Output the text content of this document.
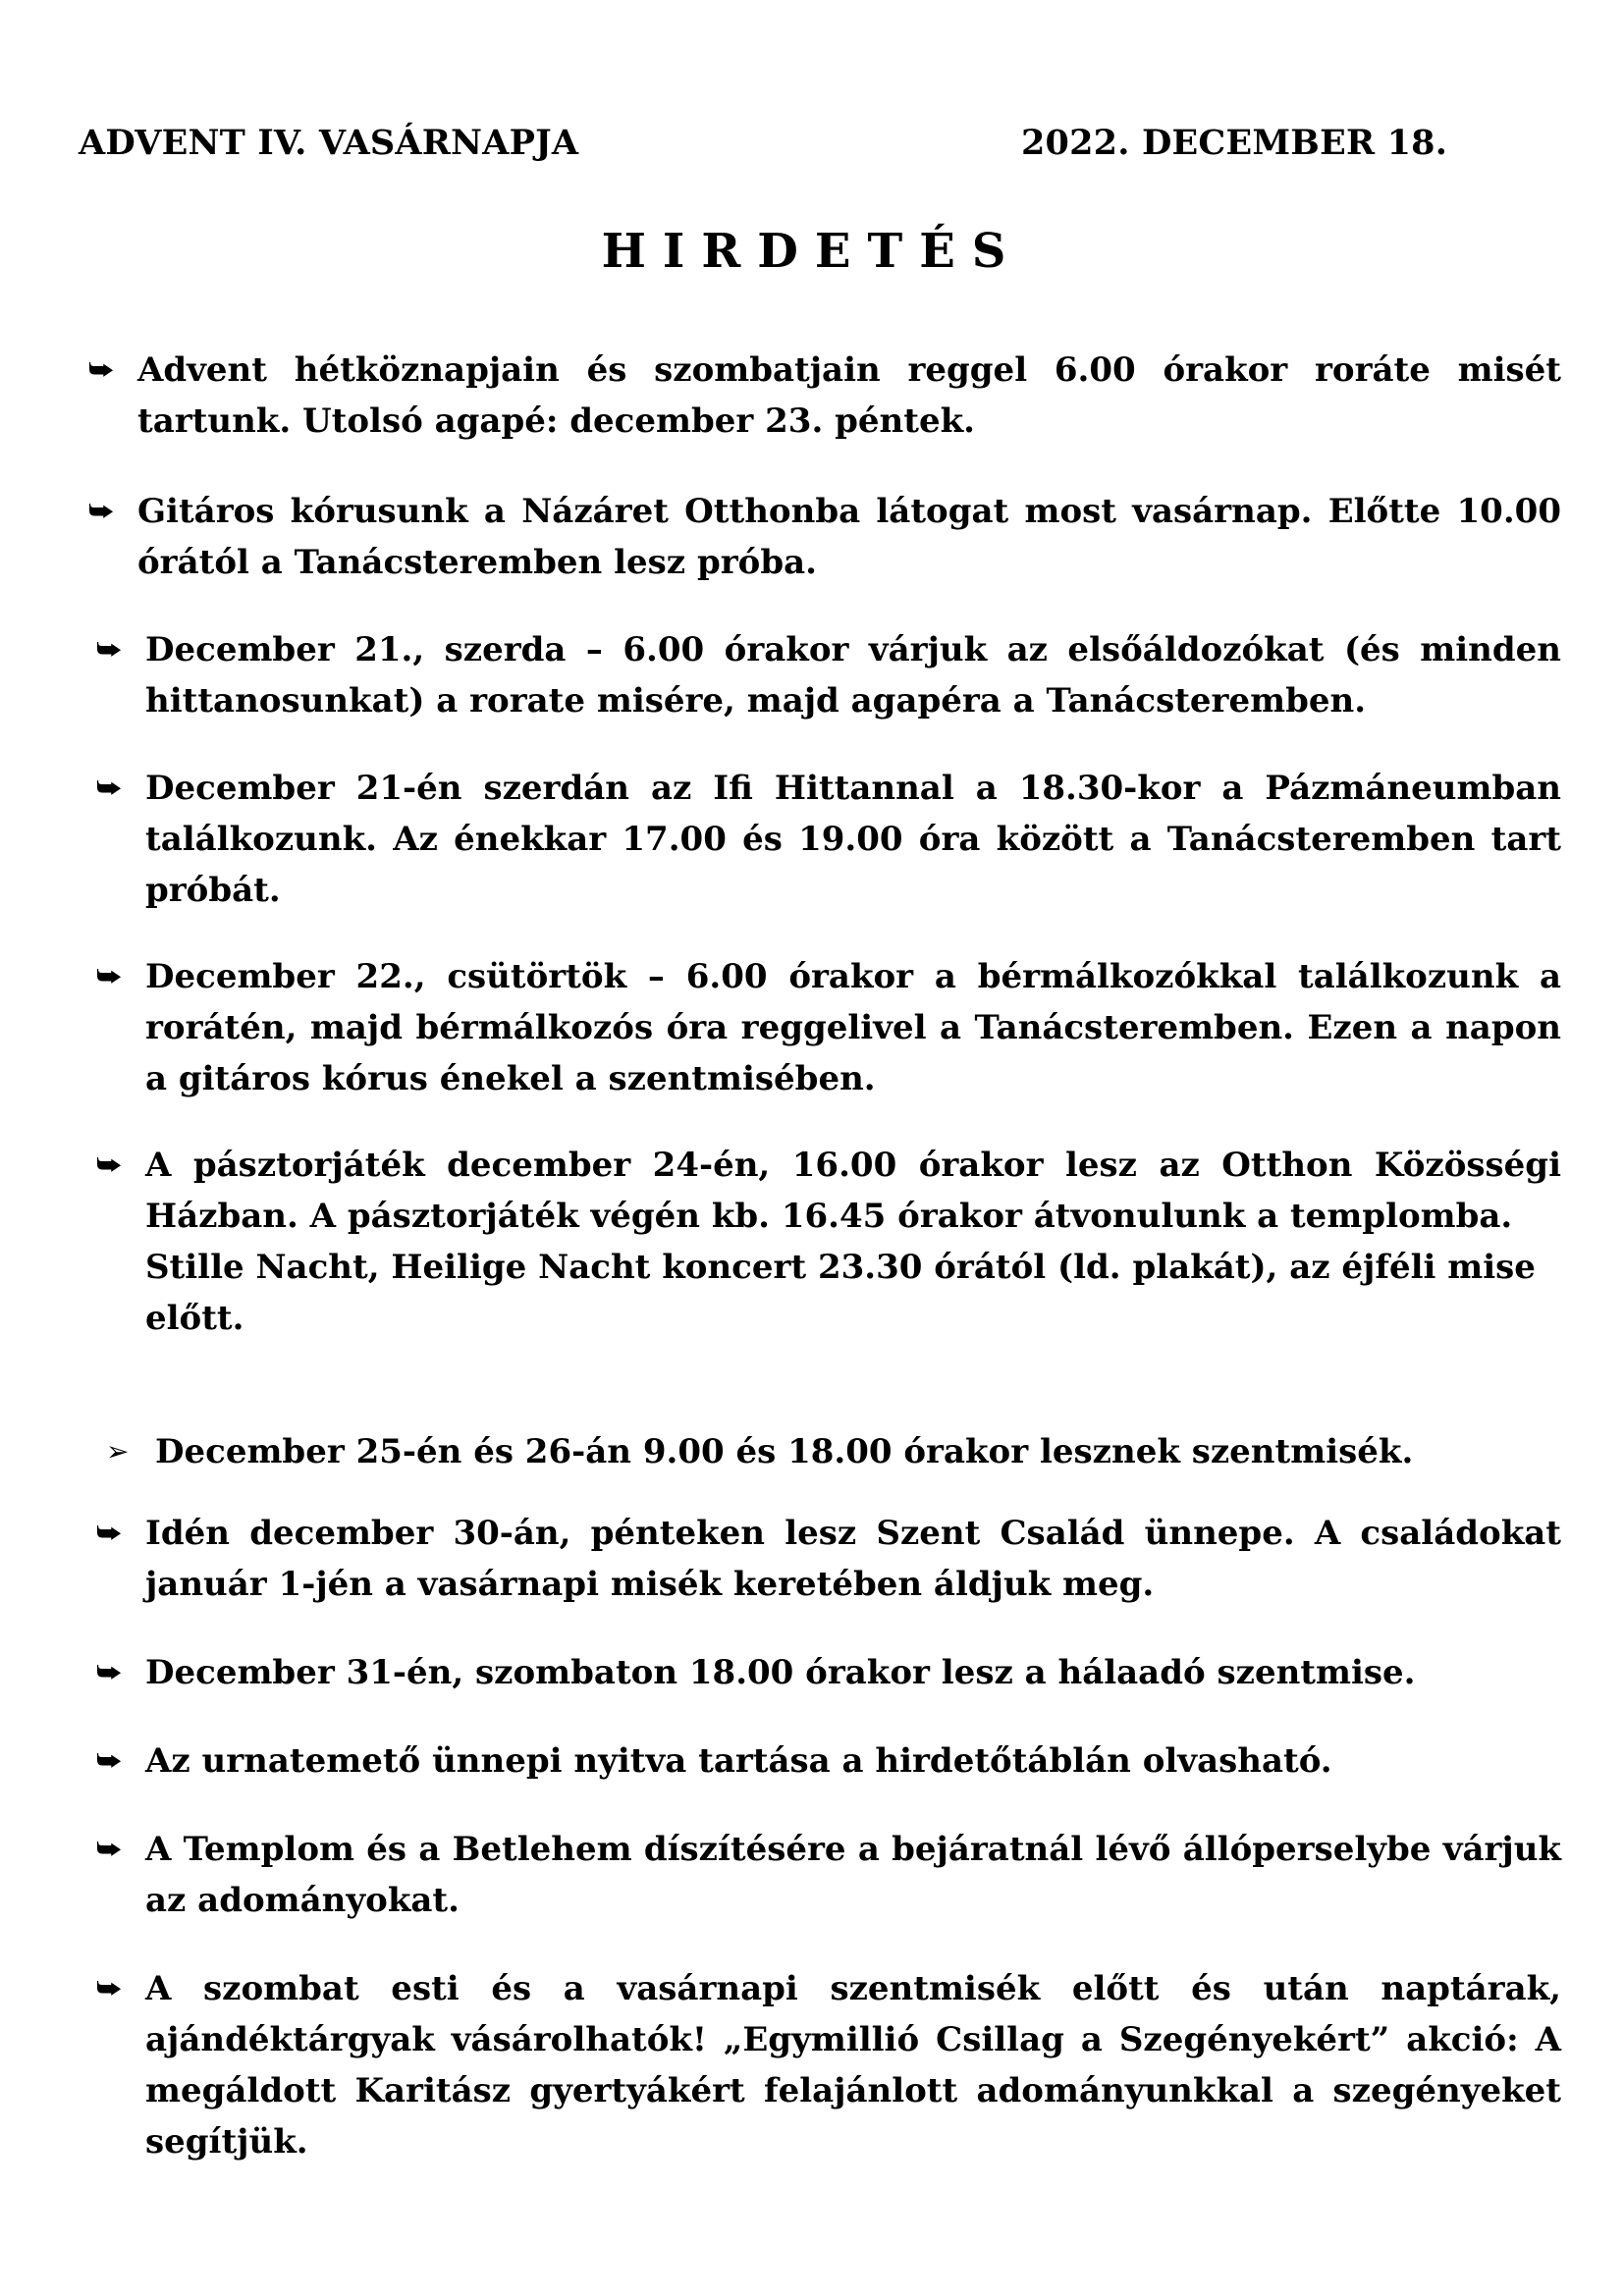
ADVENT IV. VASÁRNAPJA	2022. DECEMBER 18.
HIRDETÉS
⮩ Advent hétköznapjain és szombatjain reggel 6.00 órakor roráte misét tartunk. Utolsó agapé: december 23. péntek.
⮩ Gitáros kórusunk a Názáret Otthonba látogat most vasárnap. Előtte 10.00 órától a Tanácsteremben lesz próba.
⮩ December 21., szerda – 6.00 órakor várjuk az elsőáldozókat (és minden hittanosunkat) a rorate misére, majd agapéra a Tanácsteremben.
⮩ December 21-én szerdán az Ifi Hittannal a 18.30-kor a Pázmáneumban találkozunk. Az énekkar 17.00 és 19.00 óra között a Tanácsteremben tart próbát.
⮩ December 22., csütörtök – 6.00 órakor a bérmálkozókkal találkozunk a rorátén, majd bérmálkozós óra reggelivel a Tanácsteremben. Ezen a napon a gitáros kórus énekel a szentmisében.
⮩ A pásztorjáték december 24-én, 16.00 órakor lesz az Otthon Közösségi Házban. A pásztorjáték végén kb. 16.45 órakor átvonulunk a templomba.
Stille Nacht, Heilige Nacht koncert 23.30 órától (ld. plakát), az éjféli mise előtt.
➢ December 25-én és 26-án 9.00 és 18.00 órakor lesznek szentmisék.
⮩ Idén december 30-án, pénteken lesz Szent Család ünnepe. A családokat január 1-jén a vasárnapi misék keretében áldjuk meg.
⮩ December 31-én, szombaton 18.00 órakor lesz a hálaadó szentmise.
⮩ Az urnatemető ünnepi nyitva tartása a hirdetőtáblán olvasható.
⮩ A Templom és a Betlehem díszítésére a bejáratnál lévő állóperselybe várjuk az adományokat.
⮩ A szombat esti és a vasárnapi szentmisék előtt és után naptárak, ajándéktárgyak vásárolhatók! „Egymillió Csillag a Szegényekért” akció: A megáldott Karitász gyertyákért felajánlott adományunkkal a szegényeket segítjük.
